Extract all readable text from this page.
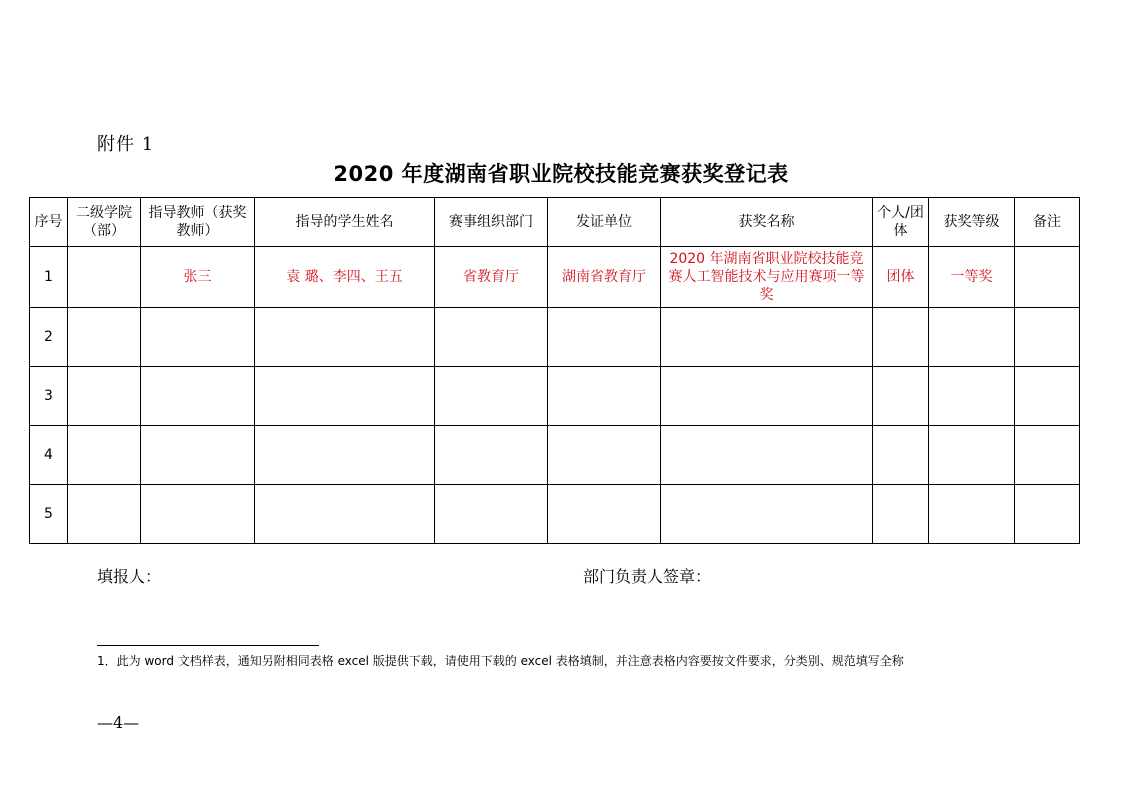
附件 1
2020 年度湖南省职业院校技能竞赛获奖登记表
序号	二级学院（部）	指导教师（获奖教师）	指导的学生姓名	赛事组织部门	发证单位	获奖名称	个人/团体	获奖等级	备注
1		张三	袁 璐、李四、王五	省教育厅	湖南省教育厅	2020 年湖南省职业院校技能竞赛人工智能技术与应用赛项一等奖	团体	一等奖	
2									
3									
4									
5									
填报人：	部门负责人签章：
1．此为 word 文档样表，通知另附相同表格 excel 版提供下载，请使用下载的 excel 表格填制，并注意表格内容要按文件要求，分类别、规范填写全称
—4—
